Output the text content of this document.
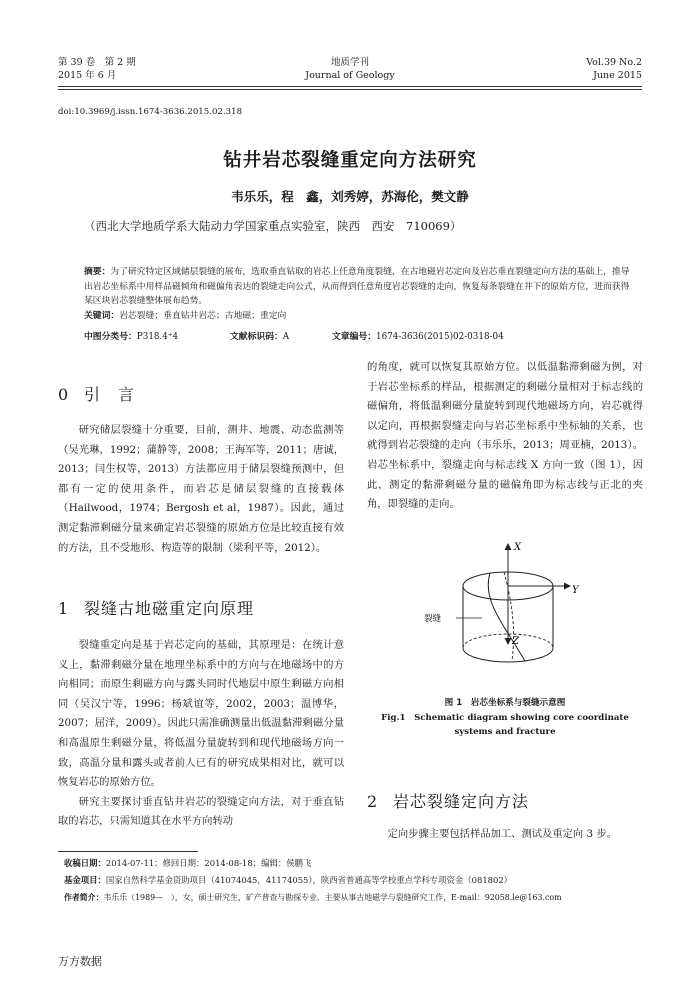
第 39 卷　第 2 期
2015 年 6 月
地质学刊
Journal of Geology
Vol.39 No.2
June 2015
doi:10.3969/j.issn.1674-3636.2015.02.318
钻井岩芯裂缝重定向方法研究
韦乐乐，程　鑫，刘秀婷，苏海伦，樊文静
（西北大学地质学系大陆动力学国家重点实验室，陕西　西安　710069）
摘要：为了研究特定区域储层裂缝的展布，选取垂直钻取的岩芯上任意角度裂缝，在古地磁岩芯定向及岩芯垂直裂缝定向方法的基础上，推导出岩芯坐标系中用样品磁倾角和磁偏角表达的裂缝走向公式，从而得到任意角度岩芯裂缝的走向，恢复每条裂缝在井下的原始方位，进而获得某区块岩芯裂缝整体展布趋势。
关键词：岩芯裂缝；垂直钻井岩芯；古地磁；重定向
中图分类号：P318.4⁺4	文献标识码：A	文章编号：1674-3636(2015)02-0318-04
0 引　言

研究储层裂缝十分重要，目前，测井、地震、动态监测等（吴光琳，1992；蒲静等，2008；王海军等，2011；唐诚，2013；闫生权等，2013）方法都应用于储层裂缝预测中，但都有一定的使用条件，而岩芯是储层裂缝的直接载体（Hailwood，1974；Bergosh et al，1987）。因此，通过测定黏滞剩磁分量来确定岩芯裂缝的原始方位是比较直接有效的方法，且不受地形、构造等的限制（梁利平等，2012）。

1 裂缝古地磁重定向原理

裂缝重定向是基于岩芯定向的基础，其原理是：在统计意义上，黏滞剩磁分量在地理坐标系中的方向与在地磁场中的方向相同；而原生剩磁方向与露头同时代地层中原生剩磁方向相同（吴汉宁等，1996；杨斌谊等，2002，2003；温博华，2007；屈洋，2009）。因此只需准确测量出低温黏滞剩磁分量和高温原生剩磁分量，将低温分量旋转到和现代地磁场方向一致，高温分量和露头或者前人已有的研究成果相对比，就可以恢复岩芯的原始方位。

研究主要探讨垂直钻井岩芯的裂缝定向方法，对于垂直钻取的岩芯，只需知道其在水平方向转动

的角度，就可以恢复其原始方位。以低温黏滞剩磁为例，对于岩芯坐标系的样品，根据测定的剩磁分量相对于标志线的磁偏角，将低温剩磁分量旋转到现代地磁场方向，岩芯就得以定向，再根据裂缝走向与岩芯坐标系中坐标轴的关系，也就得到岩芯裂缝的走向（韦乐乐，2013；周亚楠，2013）。岩芯坐标系中，裂缝走向与标志线 X 方向一致（图 1），因此，测定的黏滞剩磁分量的磁偏角即为标志线与正北的夹角，即裂缝的走向。

X
Y
Z
裂缝
图 1　岩芯坐标系与裂缝示意图
Fig.1　Schematic diagram showing core coordinate
systems and fracture
2 岩芯裂缝定向方法

定向步骤主要包括样品加工、测试及重定向 3 步。

收稿日期：2014-07-11；修回日期：2014-08-18；编辑：侯鹏飞
基金项目：国家自然科学基金资助项目（41074045，41174055），陕西省普通高等学校重点学科专项资金（081802）
作者简介：韦乐乐（1989—　），女，硕士研究生，矿产普查与勘探专业，主要从事古地磁学与裂缝研究工作，E-mail：92058.le@163.com
万方数据
